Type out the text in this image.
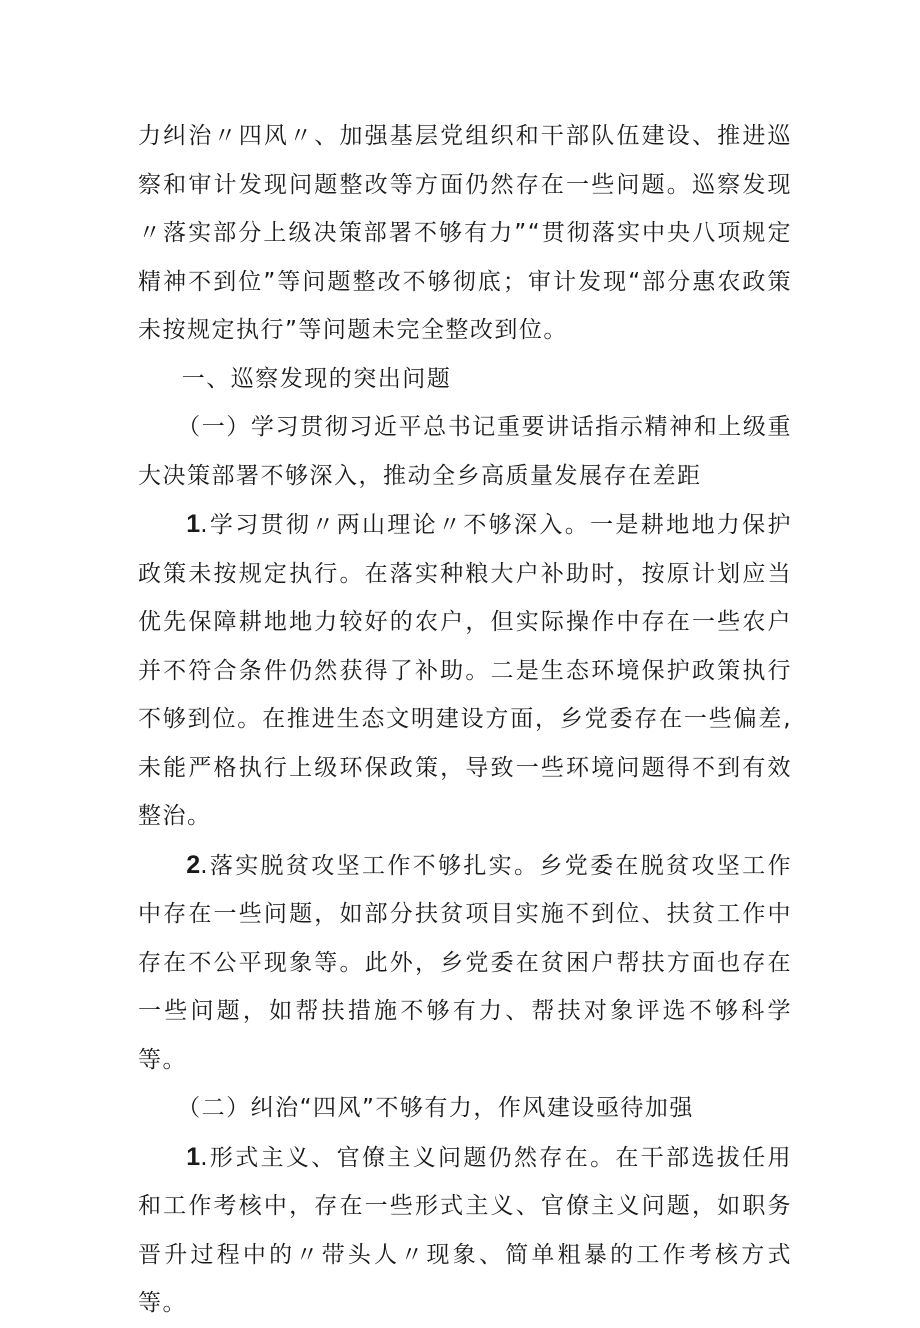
力纠治〃四风〃、加强基层党组织和干部队伍建设、推进巡察和审计发现问题整改等方面仍然存在一些问题。巡察发现〃落实部分上级决策部署不够有力”“贯彻落实中央八项规定精神不到位”等问题整改不够彻底；审计发现“部分惠农政策未按规定执行”等问题未完全整改到位。

一、巡察发现的突出问题

（一）学习贯彻习近平总书记重要讲话指示精神和上级重大决策部署不够深入，推动全乡高质量发展存在差距

1.学习贯彻〃两山理论〃不够深入。一是耕地地力保护政策未按规定执行。在落实种粮大户补助时，按原计划应当优先保障耕地地力较好的农户，但实际操作中存在一些农户并不符合条件仍然获得了补助。二是生态环境保护政策执行不够到位。在推进生态文明建设方面，乡党委存在一些偏差,未能严格执行上级环保政策，导致一些环境问题得不到有效整治。

2.落实脱贫攻坚工作不够扎实。乡党委在脱贫攻坚工作中存在一些问题，如部分扶贫项目实施不到位、扶贫工作中存在不公平现象等。此外，乡党委在贫困户帮扶方面也存在一些问题，如帮扶措施不够有力、帮扶对象评选不够科学等。

（二）纠治“四风”不够有力，作风建设亟待加强

1.形式主义、官僚主义问题仍然存在。在干部选拔任用和工作考核中，存在一些形式主义、官僚主义问题，如职务晋升过程中的〃带头人〃现象、简单粗暴的工作考核方式等。
